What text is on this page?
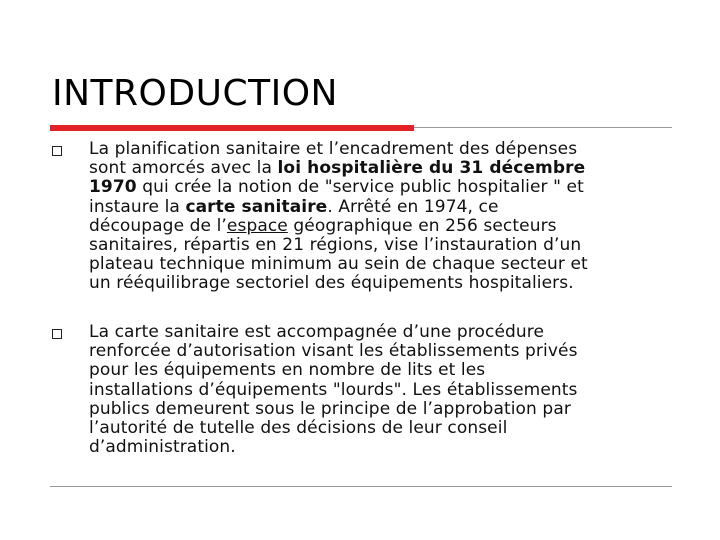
INTRODUCTION
La planification sanitaire et l’encadrement des dépenses
sont amorcés avec la loi hospitalière du 31 décembre
1970 qui crée la notion de "service public hospitalier " et
instaure la carte sanitaire. Arrêté en 1974, ce
découpage de l’espace géographique en 256 secteurs
sanitaires, répartis en 21 régions, vise l’instauration d’un
plateau technique minimum au sein de chaque secteur et
un rééquilibrage sectoriel des équipements hospitaliers.
La carte sanitaire est accompagnée d’une procédure
renforcée d’autorisation visant les établissements privés
pour les équipements en nombre de lits et les
installations d’équipements "lourds". Les établissements
publics demeurent sous le principe de l’approbation par
l’autorité de tutelle des décisions de leur conseil
d’administration.
